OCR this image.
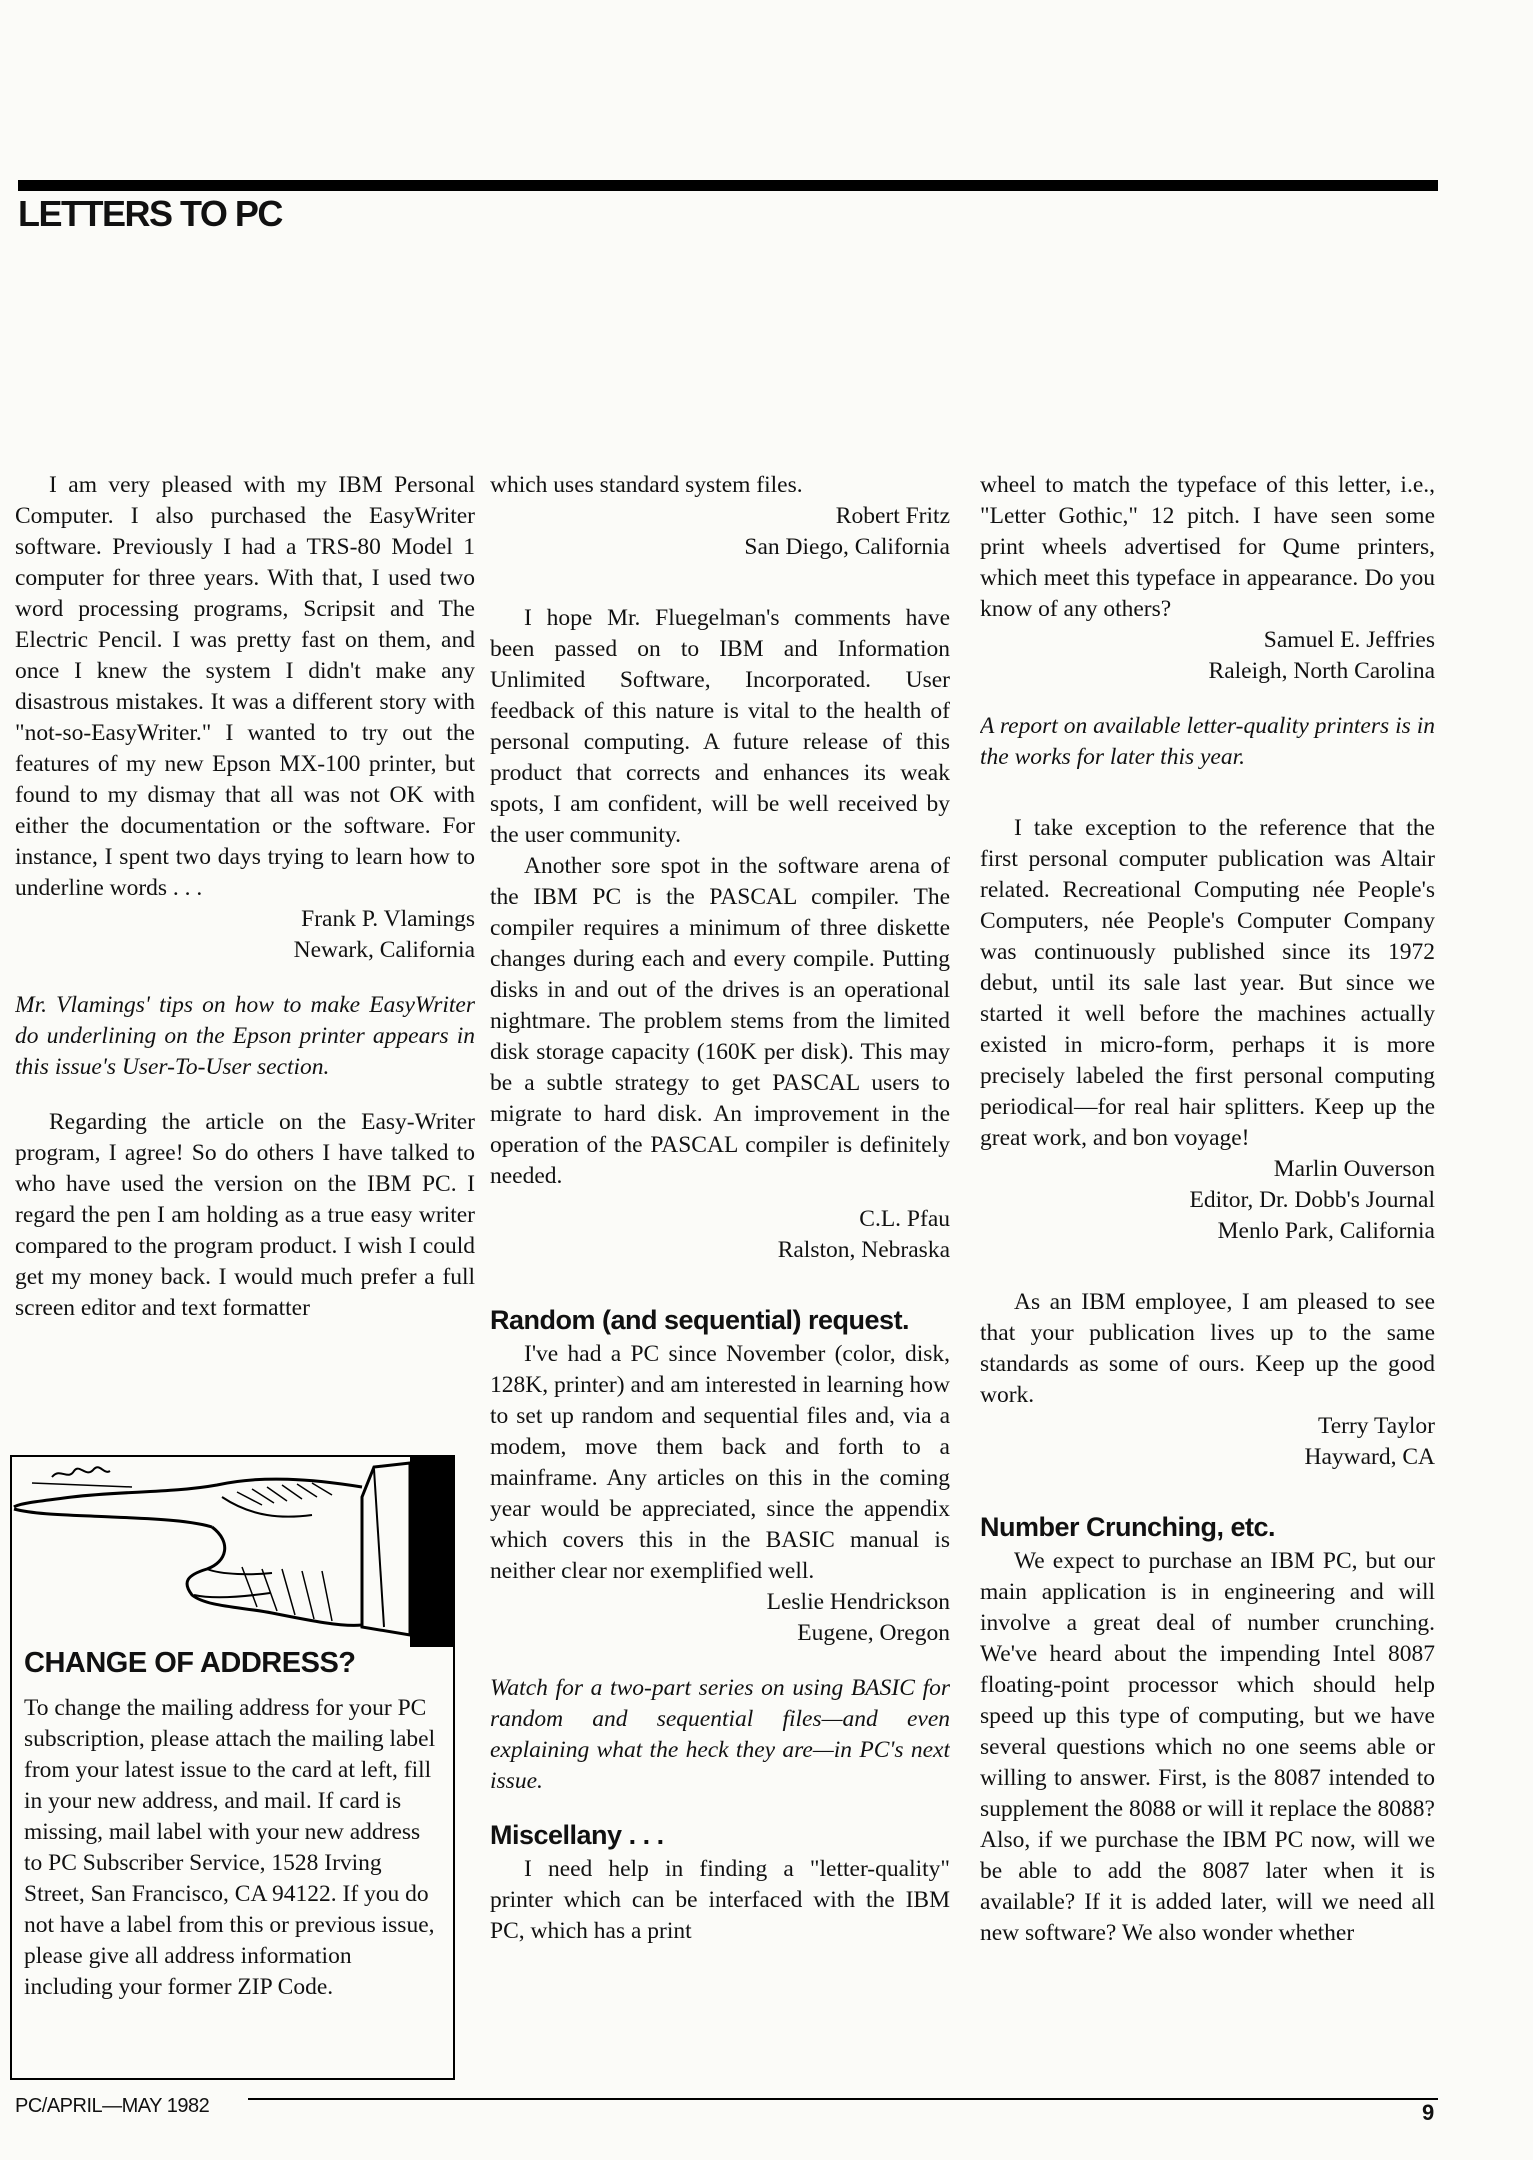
LETTERS TO PC

I am very pleased with my IBM Personal Computer. I also purchased the EasyWriter software. Previously I had a TRS-80 Model 1 computer for three years. With that, I used two word processing programs, Scripsit and The Electric Pencil. I was pretty fast on them, and once I knew the system I didn't make any disastrous mistakes. It was a different story with "not-so-EasyWriter." I wanted to try out the features of my new Epson MX-100 printer, but found to my dismay that all was not OK with either the documentation or the software. For instance, I spent two days trying to learn how to underline words . . .

Frank P. Vlamings
Newark, California

Mr. Vlamings' tips on how to make EasyWriter do underlining on the Epson printer appears in this issue's User-To-User section.

Regarding the article on the Easy-Writer program, I agree! So do others I have talked to who have used the version on the IBM PC. I regard the pen I am holding as a true easy writer compared to the program product. I wish I could get my money back. I would much prefer a full screen editor and text formatter

CHANGE OF ADDRESS?

To change the mailing address for your PC subscription, please attach the mailing label from your latest issue to the card at left, fill in your new address, and mail. If card is missing, mail label with your new address to PC Subscriber Service, 1528 Irving Street, San Francisco, CA 94122. If you do not have a label from this or previous issue, please give all address information including your former ZIP Code.

which uses standard system files.

Robert Fritz
San Diego, California

I hope Mr. Fluegelman's comments have been passed on to IBM and Information Unlimited Software, Incorporated. User feedback of this nature is vital to the health of personal computing. A future release of this product that corrects and enhances its weak spots, I am confident, will be well received by the user community.

Another sore spot in the software arena of the IBM PC is the PASCAL compiler. The compiler requires a minimum of three diskette changes during each and every compile. Putting disks in and out of the drives is an operational nightmare. The problem stems from the limited disk storage capacity (160K per disk). This may be a subtle strategy to get PASCAL users to migrate to hard disk. An improvement in the operation of the PASCAL compiler is definitely needed.

C.L. Pfau
Ralston, Nebraska
Random (and sequential) request.

I've had a PC since November (color, disk, 128K, printer) and am interested in learning how to set up random and sequential files and, via a modem, move them back and forth to a mainframe. Any articles on this in the coming year would be appreciated, since the appendix which covers this in the BASIC manual is neither clear nor exemplified well.

Leslie Hendrickson
Eugene, Oregon

Watch for a two-part series on using BASIC for random and sequential files—and even explaining what the heck they are—in PC's next issue.

Miscellany . . .

I need help in finding a "letter-quality" printer which can be interfaced with the IBM PC, which has a print

wheel to match the typeface of this letter, i.e., "Letter Gothic," 12 pitch. I have seen some print wheels advertised for Qume printers, which meet this typeface in appearance. Do you know of any others?

Samuel E. Jeffries
Raleigh, North Carolina

A report on available letter-quality printers is in the works for later this year.

I take exception to the reference that the first personal computer publication was Altair related. Recreational Computing née People's Computers, née People's Computer Company was continuously published since its 1972 debut, until its sale last year. But since we started it well before the machines actually existed in micro-form, perhaps it is more precisely labeled the first personal computing periodical—for real hair splitters. Keep up the great work, and bon voyage!

Marlin Ouverson
Editor, Dr. Dobb's Journal
Menlo Park, California

As an IBM employee, I am pleased to see that your publication lives up to the same standards as some of ours. Keep up the good work.

Terry Taylor
Hayward, CA
Number Crunching, etc.

We expect to purchase an IBM PC, but our main application is in engineering and will involve a great deal of number crunching. We've heard about the impending Intel 8087 floating-point processor which should help speed up this type of computing, but we have several questions which no one seems able or willing to answer. First, is the 8087 intended to supplement the 8088 or will it replace the 8088? Also, if we purchase the IBM PC now, will we be able to add the 8087 later when it is available? If it is added later, will we need all new software? We also wonder whether

PC/APRIL—MAY 1982	9
